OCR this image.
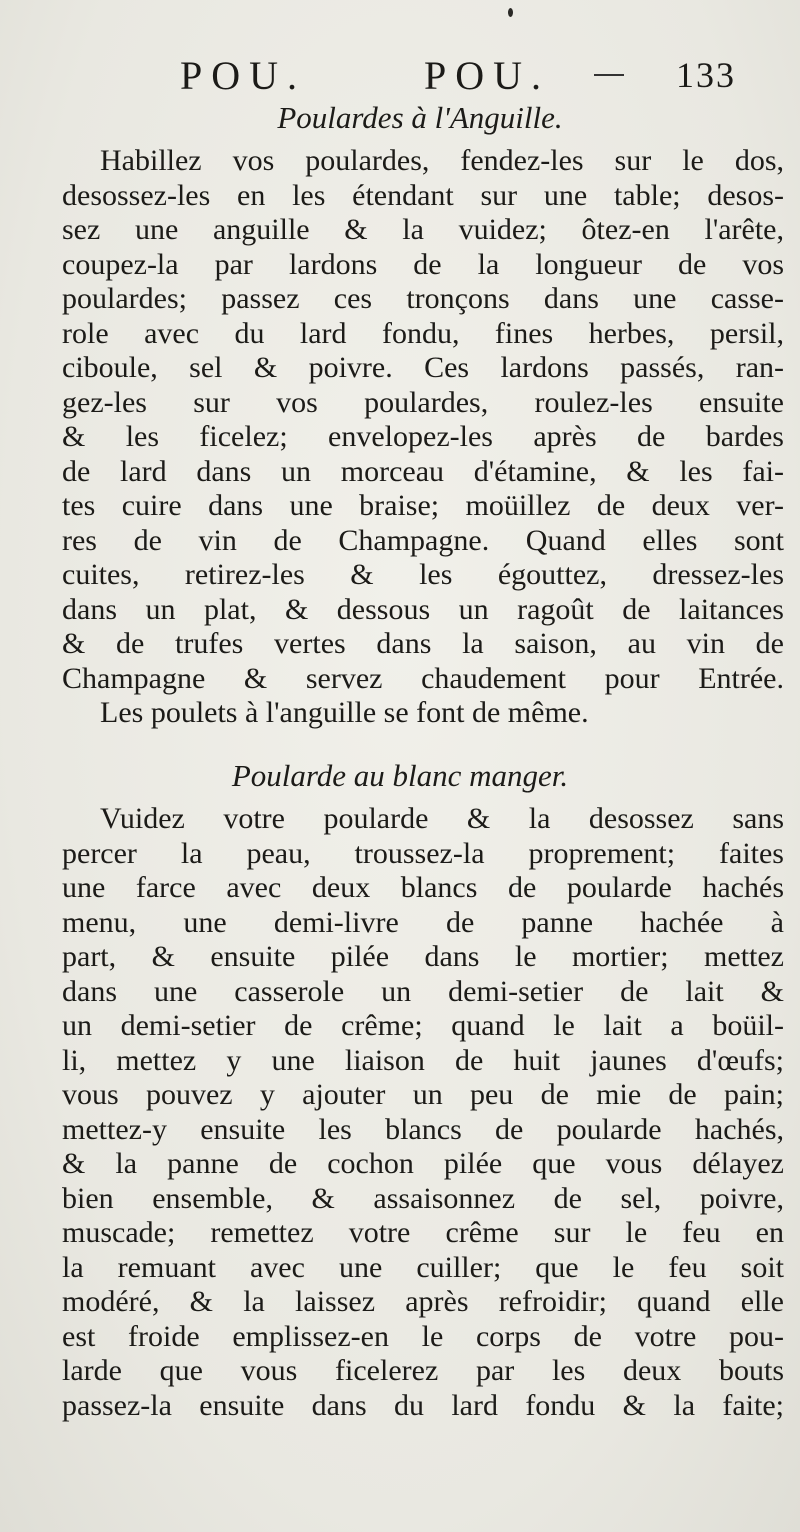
POU.	POU.	133
Poulardes à l'Anguille.
Habillez vos poulardes, fendez-les sur le dos,
desossez-les en les étendant sur une table; desos-
sez une anguille & la vuidez; ôtez-en l'arête,
coupez-la par lardons de la longueur de vos
poulardes; passez ces tronçons dans une casse-
role avec du lard fondu, fines herbes, persil,
ciboule, sel & poivre. Ces lardons passés, ran-
gez-les sur vos poulardes, roulez-les ensuite
& les ficelez; envelopez-les après de bardes
de lard dans un morceau d'étamine, & les fai-
tes cuire dans une braise; moüillez de deux ver-
res de vin de Champagne. Quand elles sont
cuites, retirez-les & les égouttez, dressez-les
dans un plat, & dessous un ragoût de laitances
& de trufes vertes dans la saison, au vin de
Champagne & servez chaudement pour Entrée.
Les poulets à l'anguille se font de même.
Poularde au blanc manger.
Vuidez votre poularde & la desossez sans
percer la peau, troussez-la proprement; faites
une farce avec deux blancs de poularde hachés
menu, une demi-livre de panne hachée à
part, & ensuite pilée dans le mortier; mettez
dans une casserole un demi-setier de lait &
un demi-setier de crême; quand le lait a boüil-
li, mettez y une liaison de huit jaunes d'œufs;
vous pouvez y ajouter un peu de mie de pain;
mettez-y ensuite les blancs de poularde hachés,
& la panne de cochon pilée que vous délayez
bien ensemble, & assaisonnez de sel, poivre,
muscade; remettez votre crême sur le feu en
la remuant avec une cuiller; que le feu soit
modéré, & la laissez après refroidir; quand elle
est froide emplissez-en le corps de votre pou-
larde que vous ficelerez par les deux bouts
passez-la ensuite dans du lard fondu & la faite;
